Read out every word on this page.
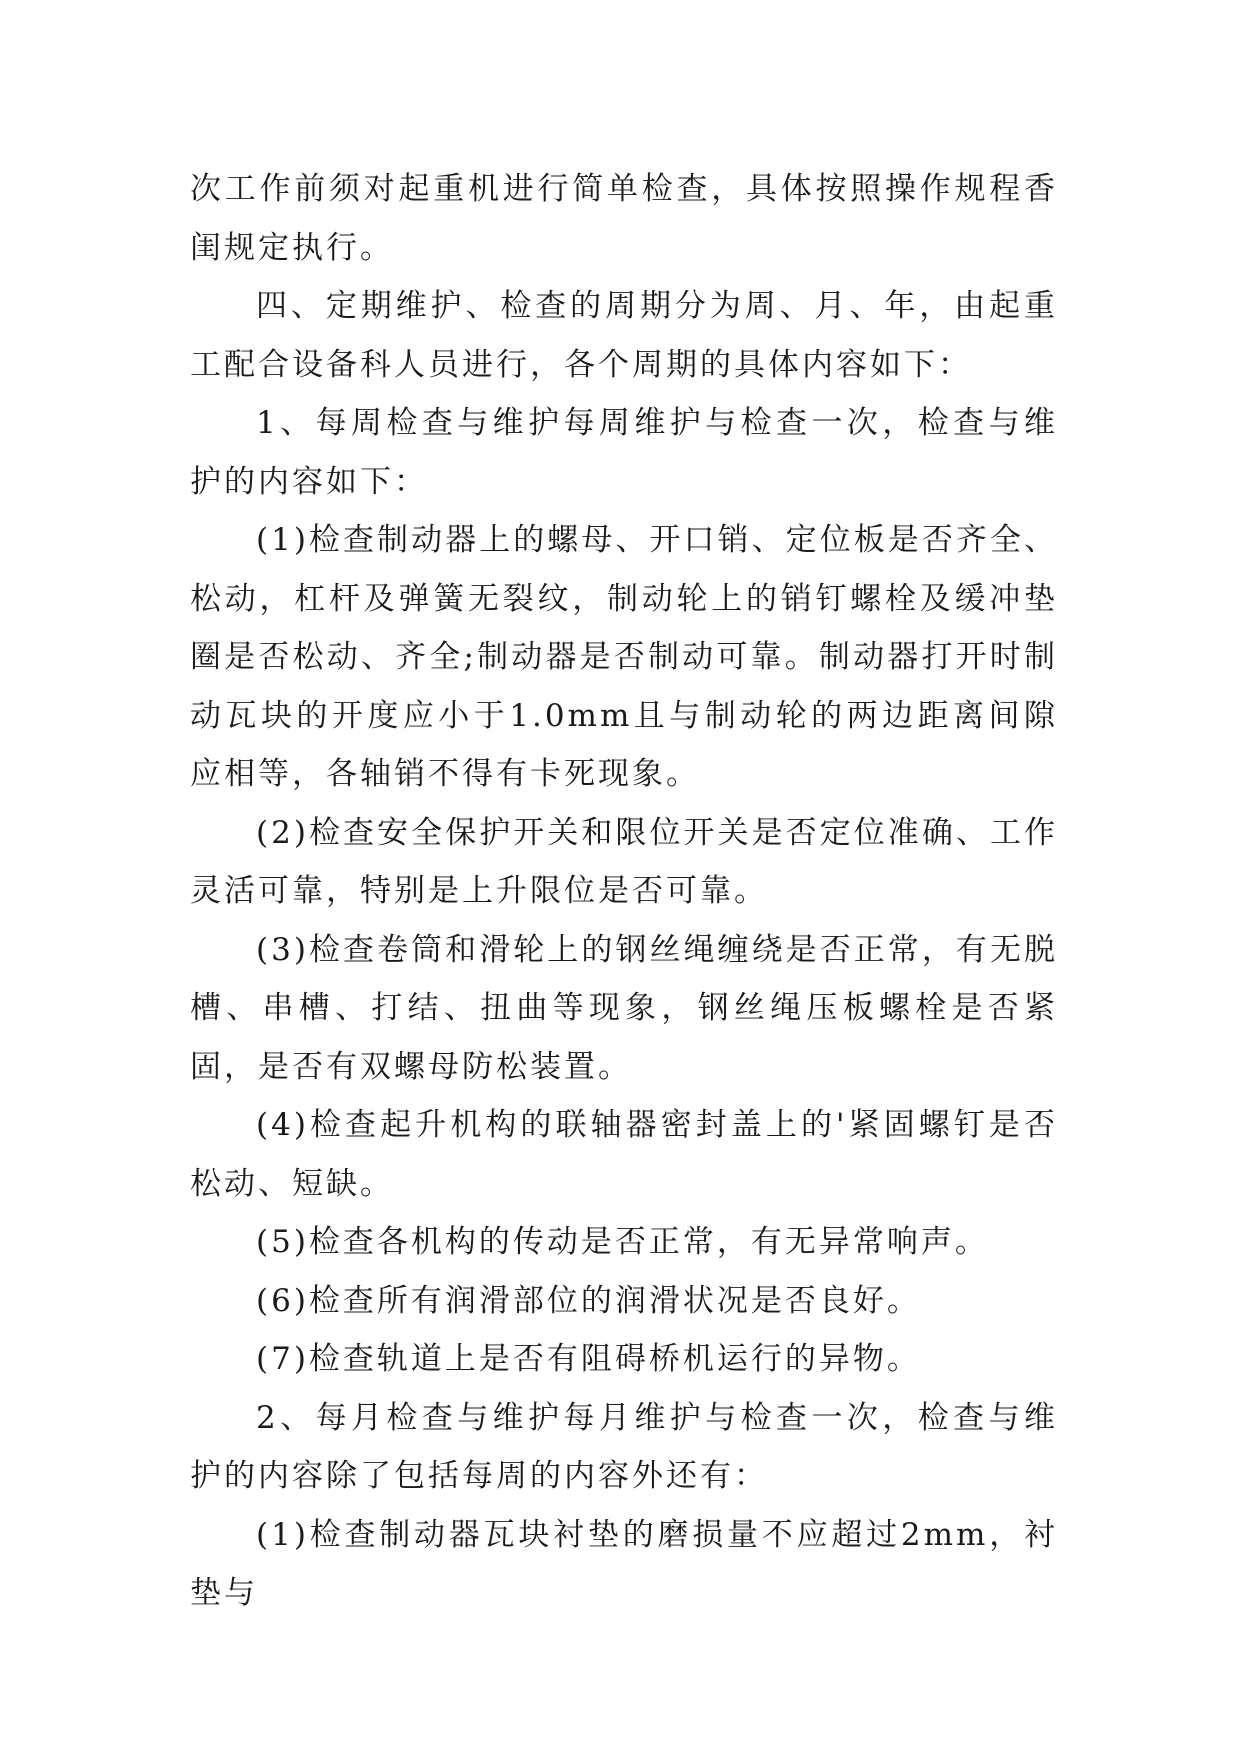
次工作前须对起重机进行简单检查，具体按照操作规程香闺规定执行。

四、定期维护、检查的周期分为周、月、年，由起重工配合设备科人员进行，各个周期的具体内容如下：

1、每周检查与维护每周维护与检查一次，检查与维护的内容如下：

(1)检查制动器上的螺母、开口销、定位板是否齐全、松动，杠杆及弹簧无裂纹，制动轮上的销钉螺栓及缓冲垫圈是否松动、齐全;制动器是否制动可靠。制动器打开时制动瓦块的开度应小于1.0mm且与制动轮的两边距离间隙应相等，各轴销不得有卡死现象。

(2)检查安全保护开关和限位开关是否定位准确、工作灵活可靠，特别是上升限位是否可靠。

(3)检查卷筒和滑轮上的钢丝绳缠绕是否正常，有无脱槽、串槽、打结、扭曲等现象，钢丝绳压板螺栓是否紧固，是否有双螺母防松装置。

(4)检查起升机构的联轴器密封盖上的'紧固螺钉是否松动、短缺。

(5)检查各机构的传动是否正常，有无异常响声。

(6)检查所有润滑部位的润滑状况是否良好。

(7)检查轨道上是否有阻碍桥机运行的异物。

2、每月检查与维护每月维护与检查一次，检查与维护的内容除了包括每周的内容外还有：

(1)检查制动器瓦块衬垫的磨损量不应超过2mm，衬垫与
